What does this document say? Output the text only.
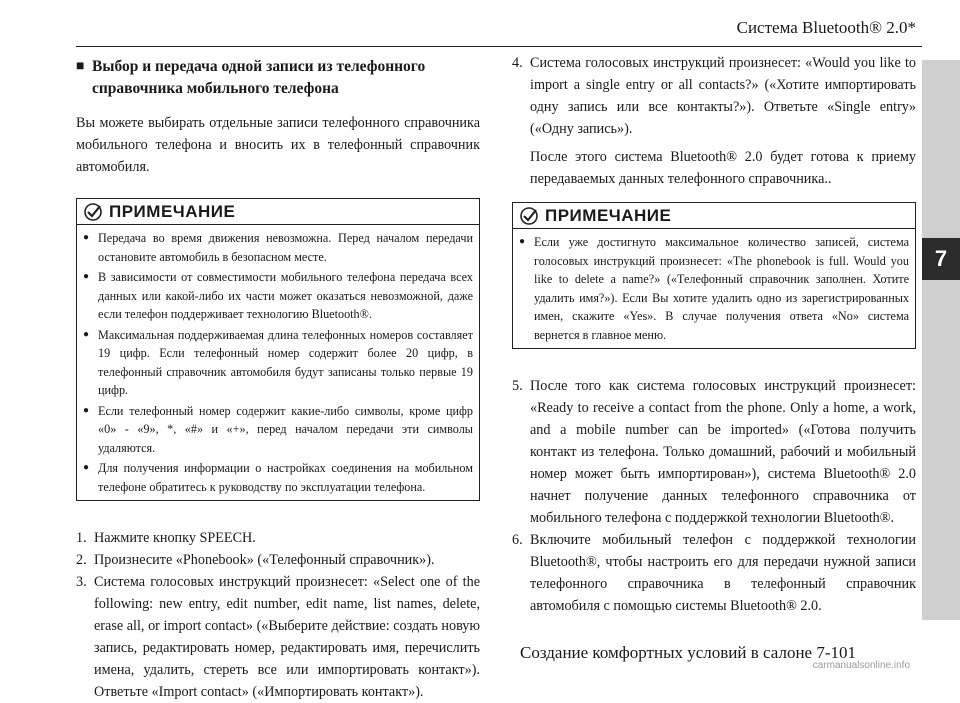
Система Bluetooth® 2.0*
7
■ Выбор и передача одной записи из телефонного справочника мобильного телефона

Вы можете выбирать отдельные записи телефонного справочника мобильного телефона и вносить их в телефонный справочник автомобиля.

ПРИМЕЧАНИЕ
● Передача во время движения невозможна. Перед началом передачи остановите автомобиль в безопасном месте.
● В зависимости от совместимости мобильного телефона передача всех данных или какой-либо их части может оказаться невозможной, даже если телефон поддерживает технологию Bluetooth®.
● Максимальная поддерживаемая длина телефонных номеров составляет 19 цифр. Если телефонный номер содержит более 20 цифр, в телефонный справочник автомобиля будут записаны только первые 19 цифр.
● Если телефонный номер содержит какие-либо символы, кроме цифр «0» - «9», *, «#» и «+», перед началом передачи эти символы удаляются.
● Для получения информации о настройках соединения на мобильном телефоне обратитесь к руководству по эксплуатации телефона.
1. Нажмите кнопку SPEECH.
2. Произнесите «Phonebook» («Телефонный справочник»).
3. Система голосовых инструкций произнесет: «Select one of the following: new entry, edit number, edit name, list names, delete, erase all, or import contact» («Выберите действие: создать новую запись, редактировать номер, редактировать имя, перечислить имена, удалить, стереть все или импортировать контакт»). Ответьте «Import contact» («Импортировать контакт»).
4. Система голосовых инструкций произнесет: «Would you like to import a single entry or all contacts?» («Хотите импортировать одну запись или все контакты?»). Ответьте «Single entry» («Одну запись»).

После этого система Bluetooth® 2.0 будет готова к приему передаваемых данных телефонного справочника..

ПРИМЕЧАНИЕ
● Если уже достигнуто максимальное количество записей, система голосовых инструкций произнесет: «The phonebook is full. Would you like to delete a name?» («Телефонный справочник заполнен. Хотите удалить имя?»). Если Вы хотите удалить одно из зарегистрированных имен, скажите «Yes». В случае получения ответа «No» система вернется в главное меню.
5. После того как система голосовых инструкций произнесет: «Ready to receive a contact from the phone. Only a home, a work, and a mobile number can be imported» («Готова получить контакт из телефона. Только домашний, рабочий и мобильный номер может быть импортирован»), система Bluetooth® 2.0 начнет получение данных телефонного справочника от мобильного телефона с поддержкой технологии Bluetooth®.
6. Включите мобильный телефон с поддержкой технологии Bluetooth®, чтобы настроить его для передачи нужной записи телефонного справочника в телефонный справочник автомобиля с помощью системы Bluetooth® 2.0.
Создание комфортных условий в салоне 7-101
carmanualsonline.info
